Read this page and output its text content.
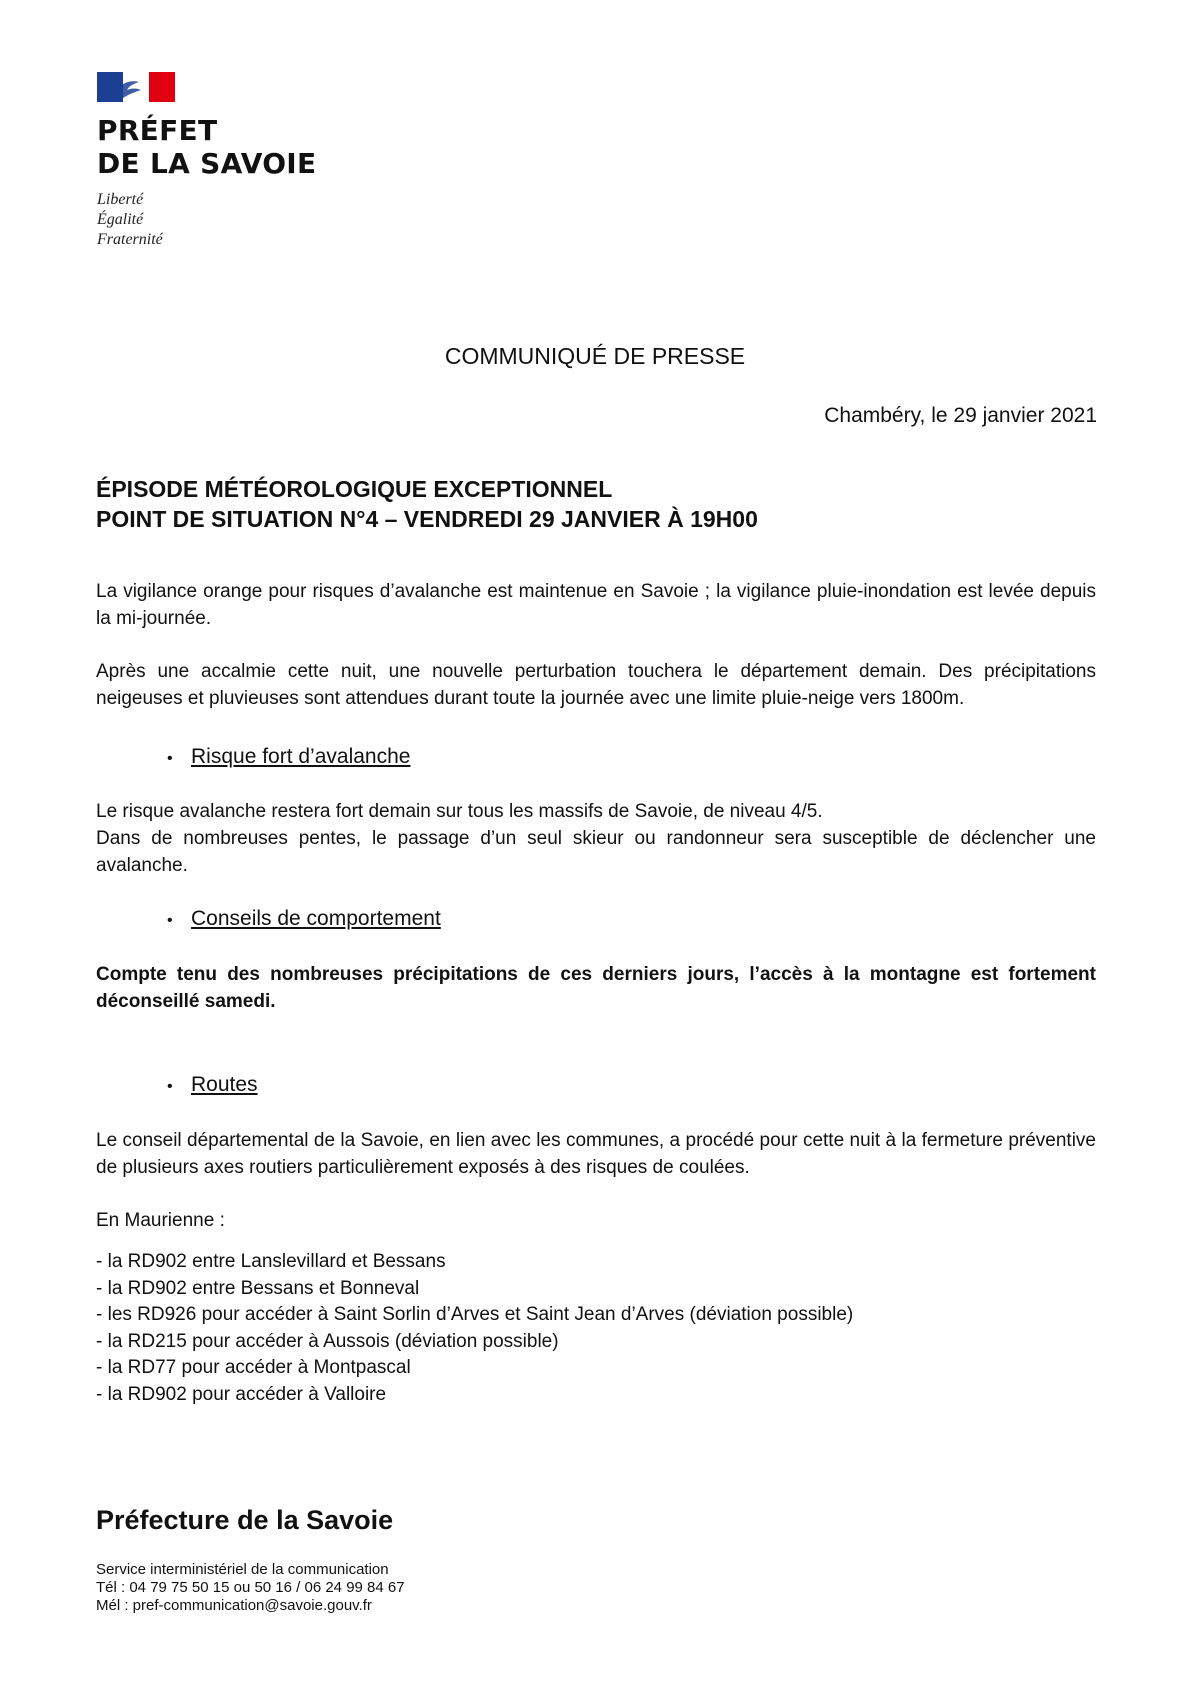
PRÉFET
DE LA SAVOIE
Liberté
Égalité
Fraternité
COMMUNIQUÉ DE PRESSE
Chambéry, le 29 janvier 2021
ÉPISODE MÉTÉOROLOGIQUE EXCEPTIONNEL
POINT DE SITUATION N°4 – VENDREDI 29 JANVIER À 19H00

La vigilance orange pour risques d’avalanche est maintenue en Savoie ; la vigilance pluie-inondation est levée depuis la mi-journée.

Après une accalmie cette nuit, une nouvelle perturbation touchera le département demain. Des précipitations neigeuses et pluvieuses sont attendues durant toute la journée avec une limite pluie-neige vers 1800m.

• Risque fort d’avalanche

Le risque avalanche restera fort demain sur tous les massifs de Savoie, de niveau 4/5.

Dans de nombreuses pentes, le passage d’un seul skieur ou randonneur sera susceptible de déclencher une avalanche.

• Conseils de comportement

Compte tenu des nombreuses précipitations de ces derniers jours, l’accès à la montagne est fortement déconseillé samedi.

• Routes

Le conseil départemental de la Savoie, en lien avec les communes, a procédé pour cette nuit à la fermeture préventive de plusieurs axes routiers particulièrement exposés à des risques de coulées.

En Maurienne :

- la RD902 entre Lanslevillard et Bessans
- la RD902 entre Bessans et Bonneval
- les RD926 pour accéder à Saint Sorlin d’Arves et Saint Jean d’Arves (déviation possible)
- la RD215 pour accéder à Aussois (déviation possible)
- la RD77 pour accéder à Montpascal
- la RD902 pour accéder à Valloire
Préfecture de la Savoie
Service interministériel de la communication
Tél : 04 79 75 50 15 ou 50 16 / 06 24 99 84 67
Mél : pref-communication@savoie.gouv.fr
